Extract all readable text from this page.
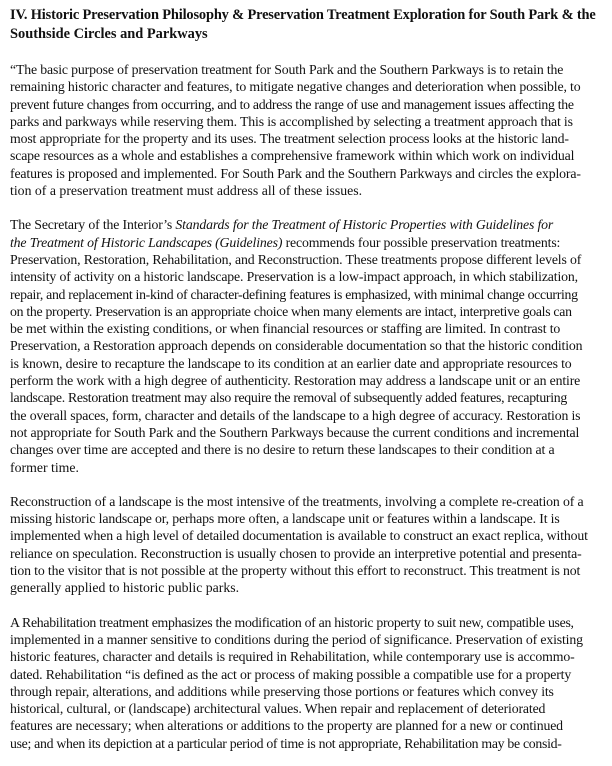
IV. Historic Preservation Philosophy & Preservation Treatment Exploration for South Park & the
Southside Circles and Parkways
“The basic purpose of preservation treatment for South Park and the Southern Parkways is to retain the
remaining historic character and features, to mitigate negative changes and deterioration when possible, to
prevent future changes from occurring, and to address the range of use and management issues affecting the
parks and parkways while reserving them. This is accomplished by selecting a treatment approach that is
most appropriate for the property and its uses. The treatment selection process looks at the historic land-
scape resources as a whole and establishes a comprehensive framework within which work on individual
features is proposed and implemented. For South Park and the Southern Parkways and circles the explora-
tion of a preservation treatment must address all of these issues.
The Secretary of the Interior’s Standards for the Treatment of Historic Properties with Guidelines for
the Treatment of Historic Landscapes (Guidelines) recommends four possible preservation treatments:
Preservation, Restoration, Rehabilitation, and Reconstruction. These treatments propose different levels of
intensity of activity on a historic landscape. Preservation is a low-impact approach, in which stabilization,
repair, and replacement in-kind of character-defining features is emphasized, with minimal change occurring
on the property. Preservation is an appropriate choice when many elements are intact, interpretive goals can
be met within the existing conditions, or when financial resources or staffing are limited. In contrast to
Preservation, a Restoration approach depends on considerable documentation so that the historic condition
is known, desire to recapture the landscape to its condition at an earlier date and appropriate resources to
perform the work with a high degree of authenticity. Restoration may address a landscape unit or an entire
landscape. Restoration treatment may also require the removal of subsequently added features, recapturing
the overall spaces, form, character and details of the landscape to a high degree of accuracy. Restoration is
not appropriate for South Park and the Southern Parkways because the current conditions and incremental
changes over time are accepted and there is no desire to return these landscapes to their condition at a
former time.
Reconstruction of a landscape is the most intensive of the treatments, involving a complete re-creation of a
missing historic landscape or, perhaps more often, a landscape unit or features within a landscape. It is
implemented when a high level of detailed documentation is available to construct an exact replica, without
reliance on speculation. Reconstruction is usually chosen to provide an interpretive potential and presenta-
tion to the visitor that is not possible at the property without this effort to reconstruct. This treatment is not
generally applied to historic public parks.
A Rehabilitation treatment emphasizes the modification of an historic property to suit new, compatible uses,
implemented in a manner sensitive to conditions during the period of significance. Preservation of existing
historic features, character and details is required in Rehabilitation, while contemporary use is accommo-
dated. Rehabilitation “is defined as the act or process of making possible a compatible use for a property
through repair, alterations, and additions while preserving those portions or features which convey its
historical, cultural, or (landscape) architectural values. When repair and replacement of deteriorated
features are necessary; when alterations or additions to the property are planned for a new or continued
use; and when its depiction at a particular period of time is not appropriate, Rehabilitation may be consid-
